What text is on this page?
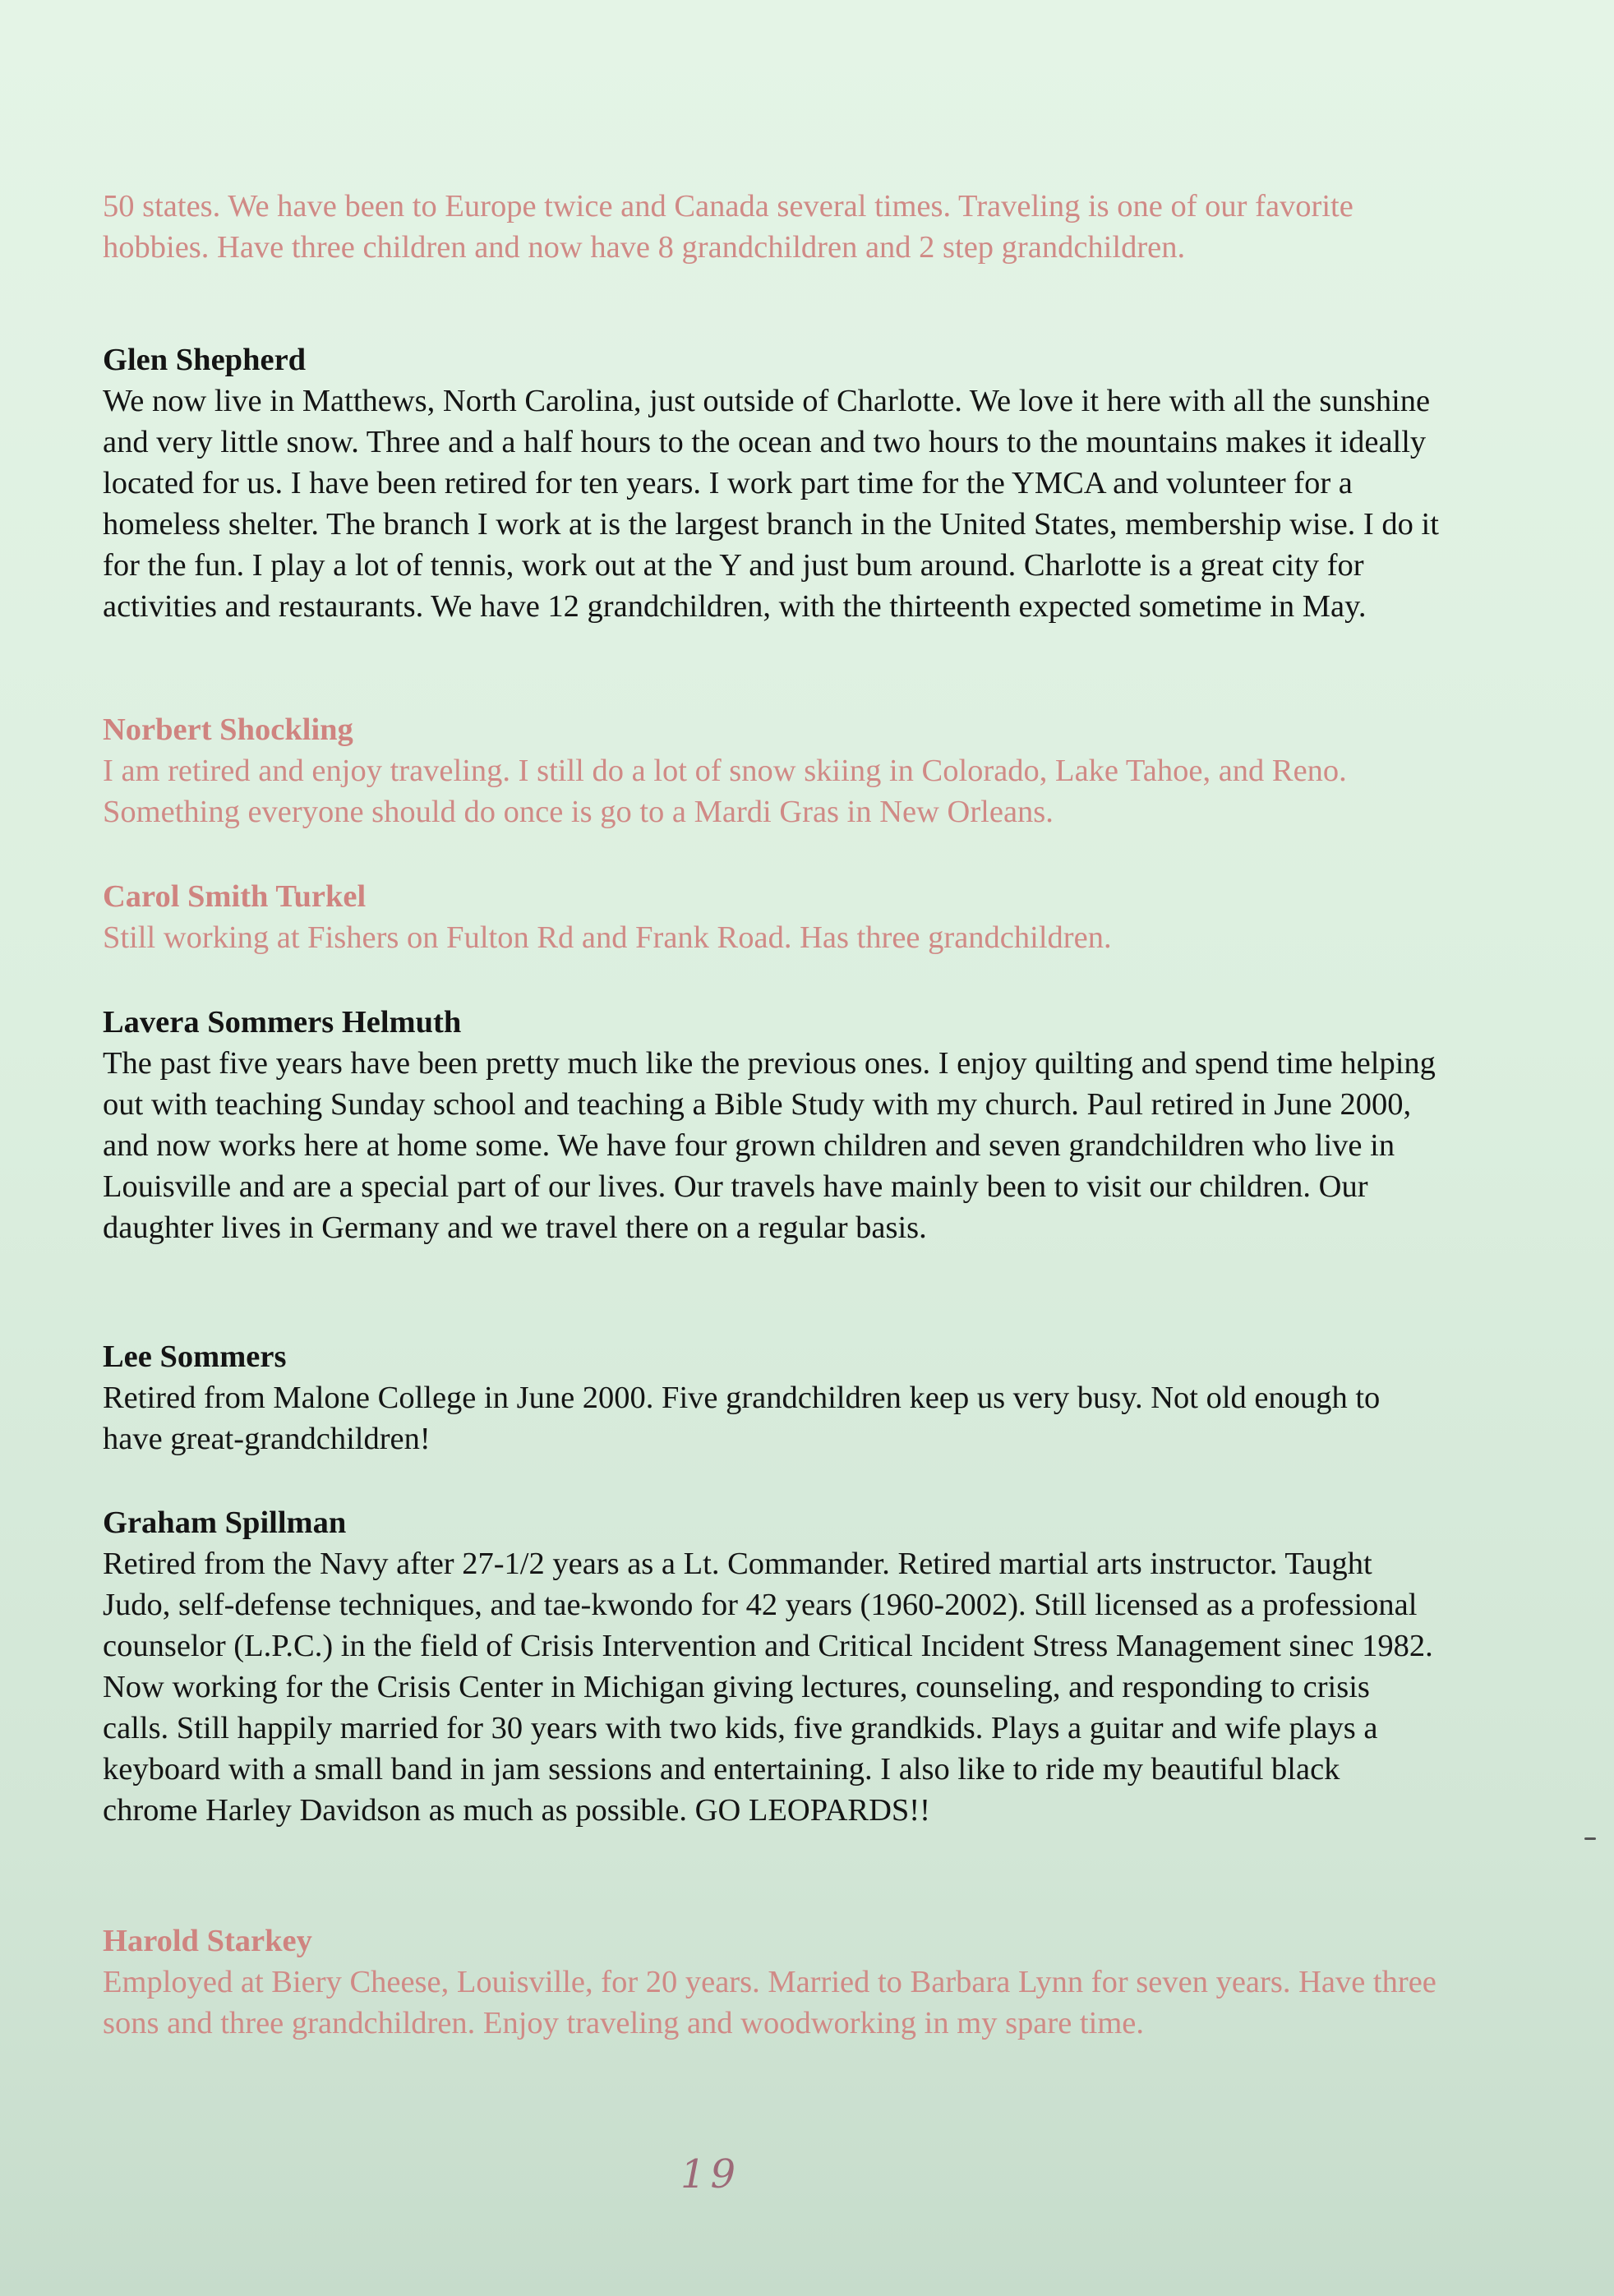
50 states. We have been to Europe twice and Canada several times. Traveling is one of our favorite hobbies. Have three children and now have 8 grandchildren and 2 step grandchildren.
Glen Shepherd
We now live in Matthews, North Carolina, just outside of Charlotte. We love it here with all the sunshine and very little snow. Three and a half hours to the ocean and two hours to the mountains makes it ideally located for us. I have been retired for ten years. I work part time for the YMCA and volunteer for a homeless shelter. The branch I work at is the largest branch in the United States, membership wise. I do it for the fun. I play a lot of tennis, work out at the Y and just bum around. Charlotte is a great city for activities and restaurants. We have 12 grandchildren, with the thirteenth expected sometime in May.
Norbert Shockling
I am retired and enjoy traveling. I still do a lot of snow skiing in Colorado, Lake Tahoe, and Reno. Something everyone should do once is go to a Mardi Gras in New Orleans.
Carol Smith Turkel
Still working at Fishers on Fulton Rd and Frank Road. Has three grandchildren.
Lavera Sommers Helmuth
The past five years have been pretty much like the previous ones. I enjoy quilting and spend time helping out with teaching Sunday school and teaching a Bible Study with my church. Paul retired in June 2000, and now works here at home some. We have four grown children and seven grandchildren who live in Louisville and are a special part of our lives. Our travels have mainly been to visit our children. Our daughter lives in Germany and we travel there on a regular basis.
Lee Sommers
Retired from Malone College in June 2000. Five grandchildren keep us very busy. Not old enough to have great-grandchildren!
Graham Spillman
Retired from the Navy after 27-1/2 years as a Lt. Commander. Retired martial arts instructor. Taught Judo, self-defense techniques, and tae-kwondo for 42 years (1960-2002). Still licensed as a professional counselor (L.P.C.) in the field of Crisis Intervention and Critical Incident Stress Management sinec 1982. Now working for the Crisis Center in Michigan giving lectures, counseling, and responding to crisis calls. Still happily married for 30 years with two kids, five grandkids. Plays a guitar and wife plays a keyboard with a small band in jam sessions and entertaining. I also like to ride my beautiful black chrome Harley Davidson as much as possible. GO LEOPARDS!!
Harold Starkey
Employed at Biery Cheese, Louisville, for 20 years. Married to Barbara Lynn for seven years. Have three sons and three grandchildren. Enjoy traveling and woodworking in my spare time.
19
